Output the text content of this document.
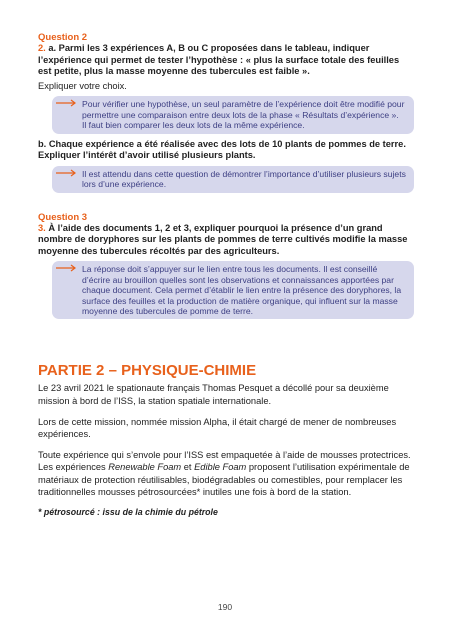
Question 2

2. a. Parmi les 3 expériences A, B ou C proposées dans le tableau, indiquer l’expérience qui permet de tester l’hypothèse : « plus la surface totale des feuilles est petite, plus la masse moyenne des tubercules est faible ».

Expliquer votre choix.

Pour vérifier une hypothèse, un seul paramètre de l’expérience doit être modifié pour permettre une comparaison entre deux lots de la phase « Résultats d’expérience ».
Il faut bien comparer les deux lots de la même expérience.

b. Chaque expérience a été réalisée avec des lots de 10 plants de pommes de terre. Expliquer l’intérêt d’avoir utilisé plusieurs plants.

Il est attendu dans cette question de démontrer l’importance d’utiliser plusieurs sujets lors d’une expérience.
Question 3

3. À l’aide des documents 1, 2 et 3, expliquer pourquoi la présence d’un grand nombre de doryphores sur les plants de pommes de terre cultivés modifie la masse moyenne des tubercules récoltés par des agriculteurs.

La réponse doit s’appuyer sur le lien entre tous les documents. Il est conseillé d’écrire au brouillon quelles sont les observations et connaissances apportées par chaque document. Cela permet d’établir le lien entre la présence des doryphores, la surface des feuilles et la production de matière organique, qui influent sur la masse moyenne des tubercules de pomme de terre.
PARTIE 2 – PHYSIQUE-CHIMIE

Le 23 avril 2021 le spationaute français Thomas Pesquet a décollé pour sa deuxième mission à bord de l’ISS, la station spatiale internationale.

Lors de cette mission, nommée mission Alpha, il était chargé de mener de nombreuses expériences.

Toute expérience qui s’envole pour l’ISS est empaquetée à l’aide de mousses protectrices. Les expériences Renewable Foam et Edible Foam proposent l’utilisation expérimentale de matériaux de protection réutilisables, biodégradables ou comestibles, pour remplacer les traditionnelles mousses pétrosourcées* inutiles une fois à bord de la station.

* pétrosourcé : issu de la chimie du pétrole
190
